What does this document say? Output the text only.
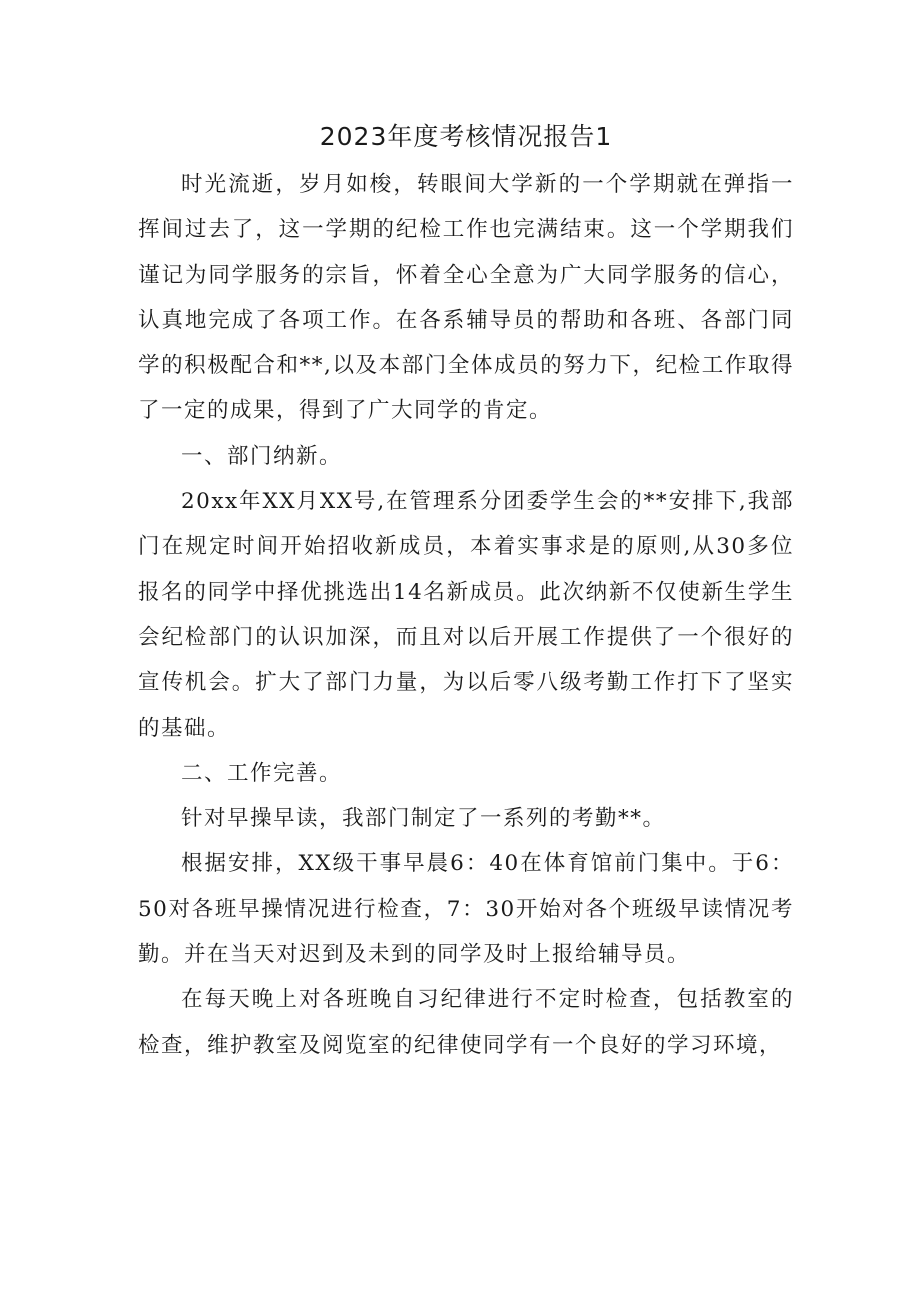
2023年度考核情况报告1

时光流逝，岁月如梭，转眼间大学新的一个学期就在弹指一挥间过去了，这一学期的纪检工作也完满结束。这一个学期我们谨记为同学服务的宗旨，怀着全心全意为广大同学服务的信心，认真地完成了各项工作。在各系辅导员的帮助和各班、各部门同学的积极配合和**,以及本部门全体成员的努力下，纪检工作取得了一定的成果，得到了广大同学的肯定。

一、部门纳新。

20xx年XX月XX号,在管理系分团委学生会的**安排下,我部门在规定时间开始招收新成员，本着实事求是的原则,从30多位报名的同学中择优挑选出14名新成员。此次纳新不仅使新生学生会纪检部门的认识加深，而且对以后开展工作提供了一个很好的宣传机会。扩大了部门力量，为以后零八级考勤工作打下了坚实的基础。

二、工作完善。

针对早操早读，我部门制定了一系列的考勤**。

根据安排，XX级干事早晨6：40在体育馆前门集中。于6：50对各班早操情况进行检查，7：30开始对各个班级早读情况考勤。并在当天对迟到及未到的同学及时上报给辅导员。

在每天晚上对各班晚自习纪律进行不定时检查，包括教室的检查，维护教室及阅览室的纪律使同学有一个良好的学习环境，
